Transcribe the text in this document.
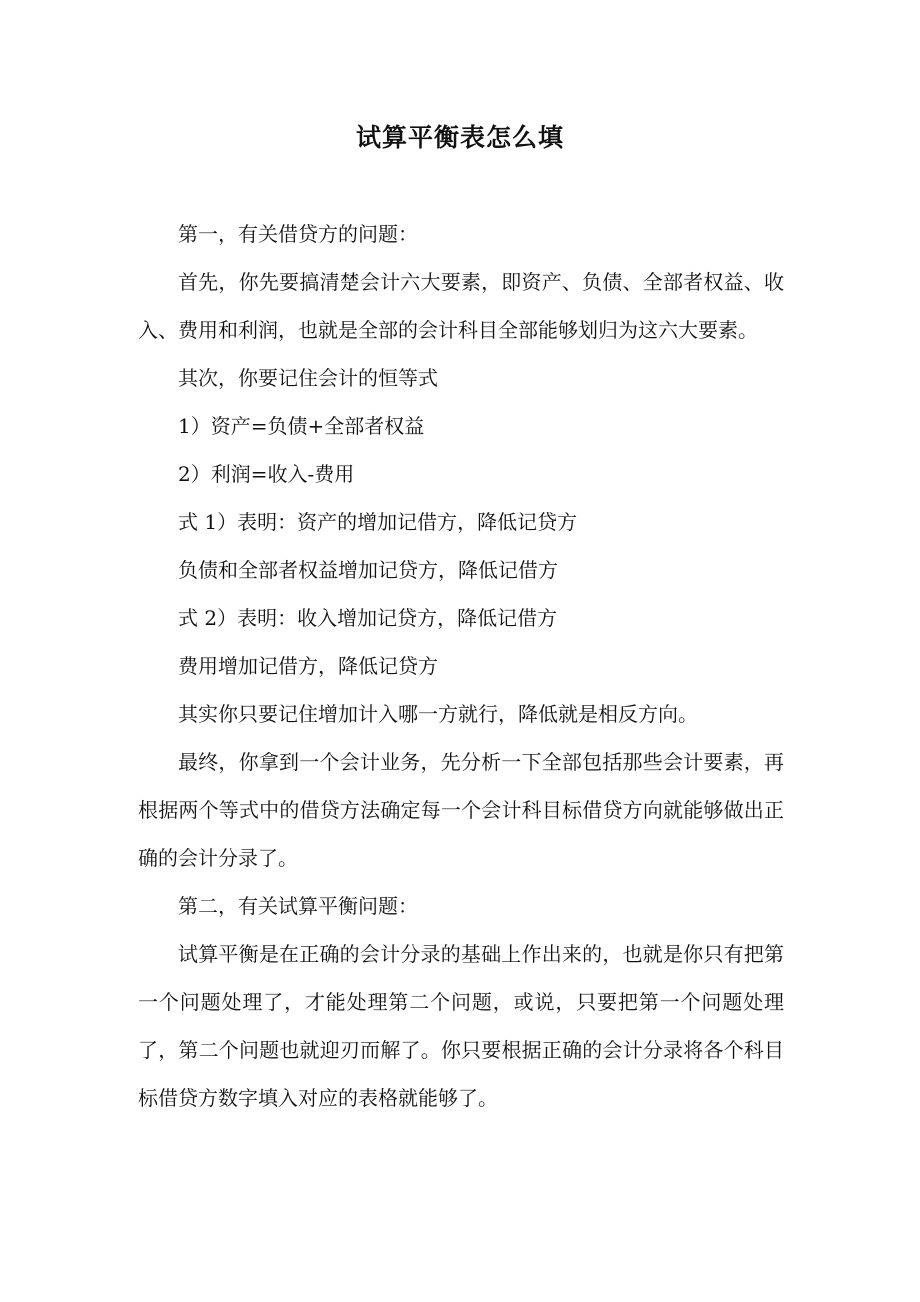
试算平衡表怎么填

第一，有关借贷方的问题：

首先，你先要搞清楚会计六大要素，即资产、负债、全部者权益、收入、费用和利润，也就是全部的会计科目全部能够划归为这六大要素。

其次，你要记住会计的恒等式

1）资产=负债+全部者权益

2）利润=收入-费用

式 1）表明：资产的增加记借方，降低记贷方

负债和全部者权益增加记贷方，降低记借方

式 2）表明：收入增加记贷方，降低记借方

费用增加记借方，降低记贷方

其实你只要记住增加计入哪一方就行，降低就是相反方向。

最终，你拿到一个会计业务，先分析一下全部包括那些会计要素，再根据两个等式中的借贷方法确定每一个会计科目标借贷方向就能够做出正确的会计分录了。

第二，有关试算平衡问题：

试算平衡是在正确的会计分录的基础上作出来的，也就是你只有把第一个问题处理了，才能处理第二个问题，或说，只要把第一个问题处理了，第二个问题也就迎刃而解了。你只要根据正确的会计分录将各个科目标借贷方数字填入对应的表格就能够了。
